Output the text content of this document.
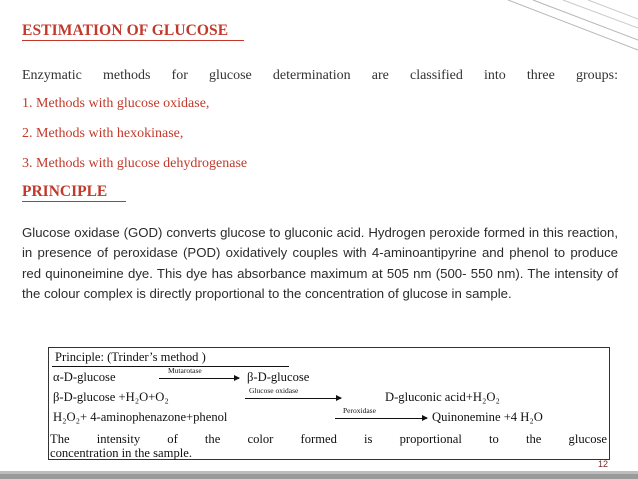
ESTIMATION OF GLUCOSE
Enzymatic methods for glucose determination are classified into three groups:
1. Methods with glucose oxidase,
2. Methods with hexokinase,
3. Methods with glucose dehydrogenase
PRINCIPLE
Glucose oxidase (GOD) converts glucose to gluconic acid. Hydrogen peroxide formed in this reaction, in presence of peroxidase (POD) oxidatively couples with 4-aminoantipyrine and phenol to produce red quinoneimine dye. This dye has absorbance maximum at 505 nm (500- 550 nm). The intensity of the colour complex is directly proportional to the concentration of glucose in sample.
Principle: (Trinder’s method )
α-D-glucose	Mutarotase	β-D-glucose
β-D-glucose +H₂O+O₂	Glucose oxidase	D-gluconic acid+H₂O₂
H₂O₂+ 4-aminophenazone+phenol	Peroxidase	Quinonemine +4 H₂O
The intensity of the color formed is proportional to the glucose
concentration in the sample.
12
